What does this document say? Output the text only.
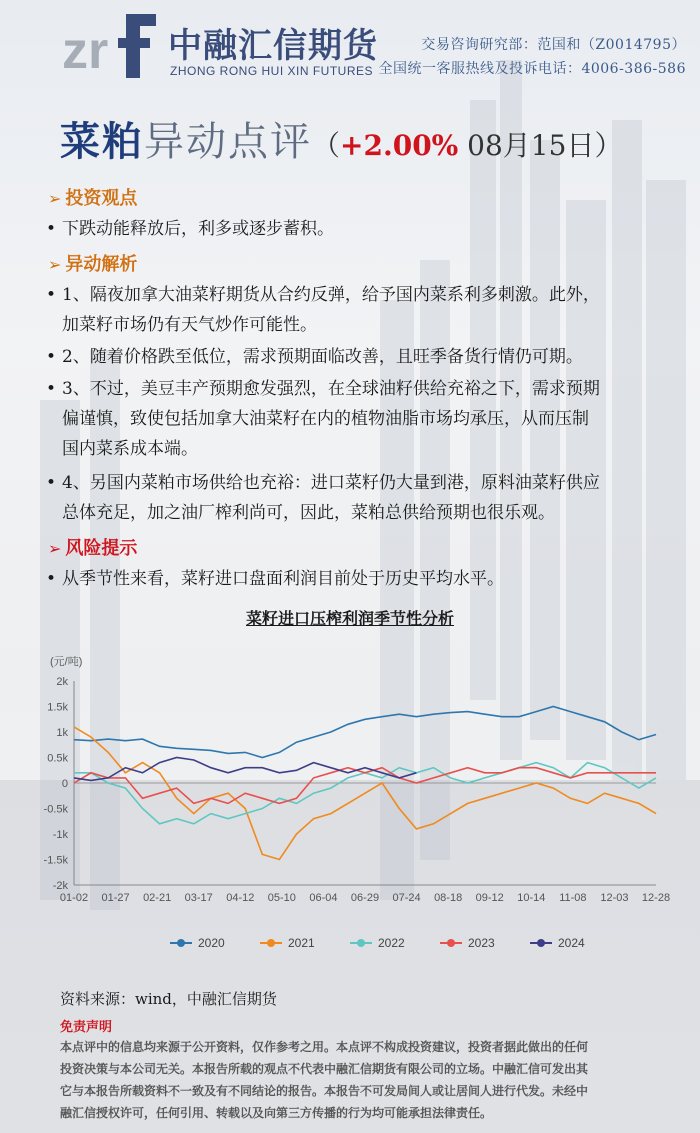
zr 中融汇信期货
ZHONG RONG HUI XIN FUTURES
交易咨询研究部：范国和（Z0014795）
全国统一客服热线及投诉电话：4006-386-586
菜粕异动点评（+2.00% 08月15日）
➢ 投资观点
• 下跌动能释放后，利多或逐步蓄积。
➢ 异动解析
• 1、隔夜加拿大油菜籽期货从合约反弹，给予国内菜系利多刺激。此外，
加菜籽市场仍有天气炒作可能性。
• 2、随着价格跌至低位，需求预期面临改善，且旺季备货行情仍可期。
• 3、不过，美豆丰产预期愈发强烈，在全球油籽供给充裕之下，需求预期
偏谨慎，致使包括加拿大油菜籽在内的植物油脂市场均承压，从而压制
国内菜系成本端。
• 4、另国内菜粕市场供给也充裕：进口菜籽仍大量到港，原料油菜籽供应
总体充足，加之油厂榨利尚可，因此，菜粕总供给预期也很乐观。
➢ 风险提示
• 从季节性来看，菜籽进口盘面利润目前处于历史平均水平。
菜籽进口压榨利润季节性分析
(元/吨)
2k
1.5k
1k
0.5k
0
-0.5k
-1k
-1.5k
-2k
01-02 01-27 02-21 03-17 04-12 05-10 06-04 06-29 07-24 08-18 09-12 10-14 11-08 12-03 12-28
2020	2021	2022	2023	2024
资料来源：wind，中融汇信期货
免责声明
本点评中的信息均来源于公开资料，仅作参考之用。本点评不构成投资建议，投资者据此做出的任何
投资决策与本公司无关。本报告所载的观点不代表中融汇信期货有限公司的立场。中融汇信可发出其
它与本报告所载资料不一致及有不同结论的报告。本报告不可发局间人或让居间人进行代发。未经中
融汇信授权许可，任何引用、转载以及向第三方传播的行为均可能承担法律责任。
